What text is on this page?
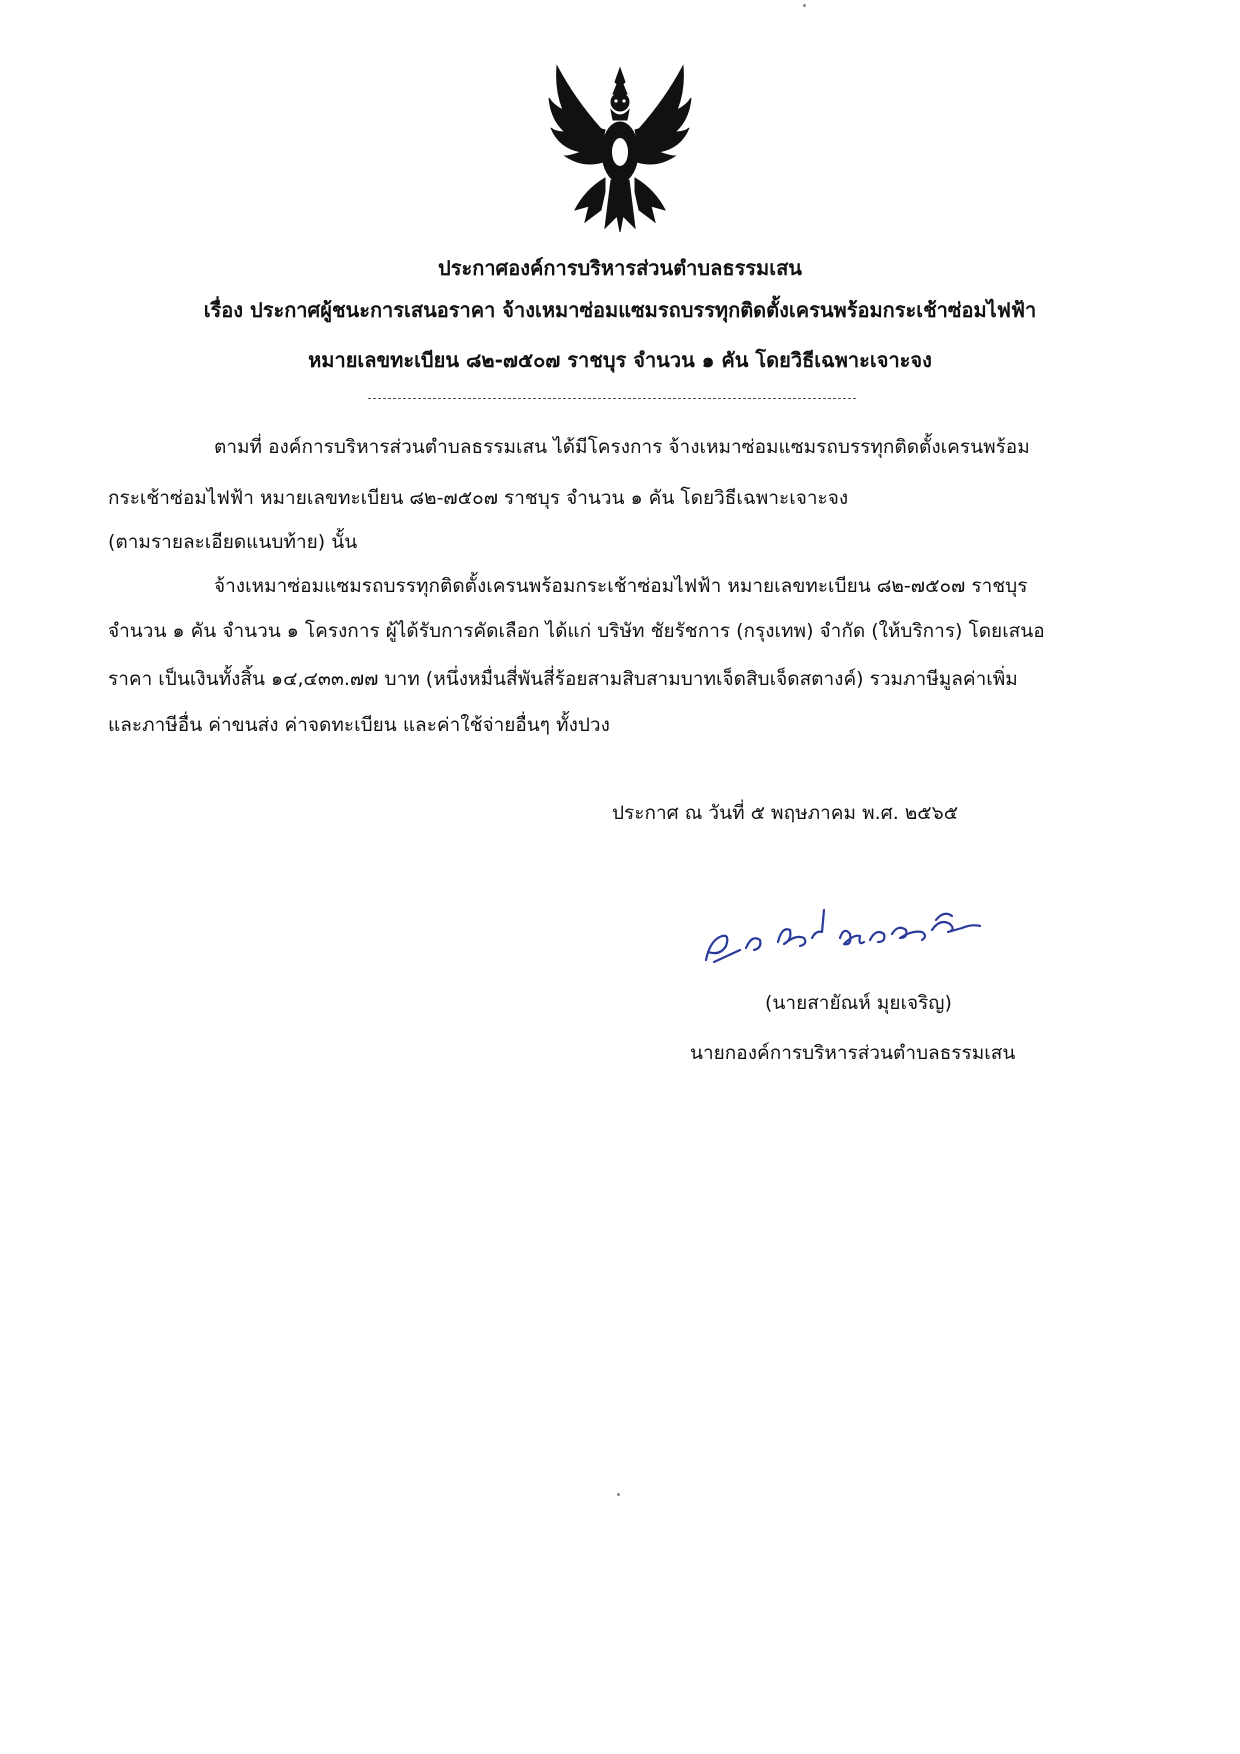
ประกาศองค์การบริหารส่วนตำบลธรรมเสน
เรื่อง ประกาศผู้ชนะการเสนอราคา จ้างเหมาซ่อมแซมรถบรรทุกติดตั้งเครนพร้อมกระเช้าซ่อมไฟฟ้า
หมายเลขทะเบียน ๘๒-๗๕๐๗ ราชบุร จำนวน ๑ คัน โดยวิธีเฉพาะเจาะจง
ตามที่ องค์การบริหารส่วนตำบลธรรมเสน ได้มีโครงการ จ้างเหมาซ่อมแซมรถบรรทุกติดตั้งเครนพร้อม
กระเช้าซ่อมไฟฟ้า หมายเลขทะเบียน ๘๒-๗๕๐๗ ราชบุร จำนวน ๑ คัน โดยวิธีเฉพาะเจาะจง
(ตามรายละเอียดแนบท้าย) นั้น
จ้างเหมาซ่อมแซมรถบรรทุกติดตั้งเครนพร้อมกระเช้าซ่อมไฟฟ้า หมายเลขทะเบียน ๘๒-๗๕๐๗ ราชบุร
จำนวน ๑ คัน จำนวน ๑ โครงการ ผู้ได้รับการคัดเลือก ได้แก่ บริษัท ชัยรัชการ (กรุงเทพ) จำกัด (ให้บริการ) โดยเสนอ
ราคา เป็นเงินทั้งสิ้น ๑๔,๔๓๓.๗๗ บาท (หนึ่งหมื่นสี่พันสี่ร้อยสามสิบสามบาทเจ็ดสิบเจ็ดสตางค์) รวมภาษีมูลค่าเพิ่ม
และภาษีอื่น ค่าขนส่ง ค่าจดทะเบียน และค่าใช้จ่ายอื่นๆ ทั้งปวง
ประกาศ ณ วันที่ ๕ พฤษภาคม พ.ศ. ๒๕๖๕
(นายสายัณห์ มุยเจริญ)
นายกองค์การบริหารส่วนตำบลธรรมเสน
